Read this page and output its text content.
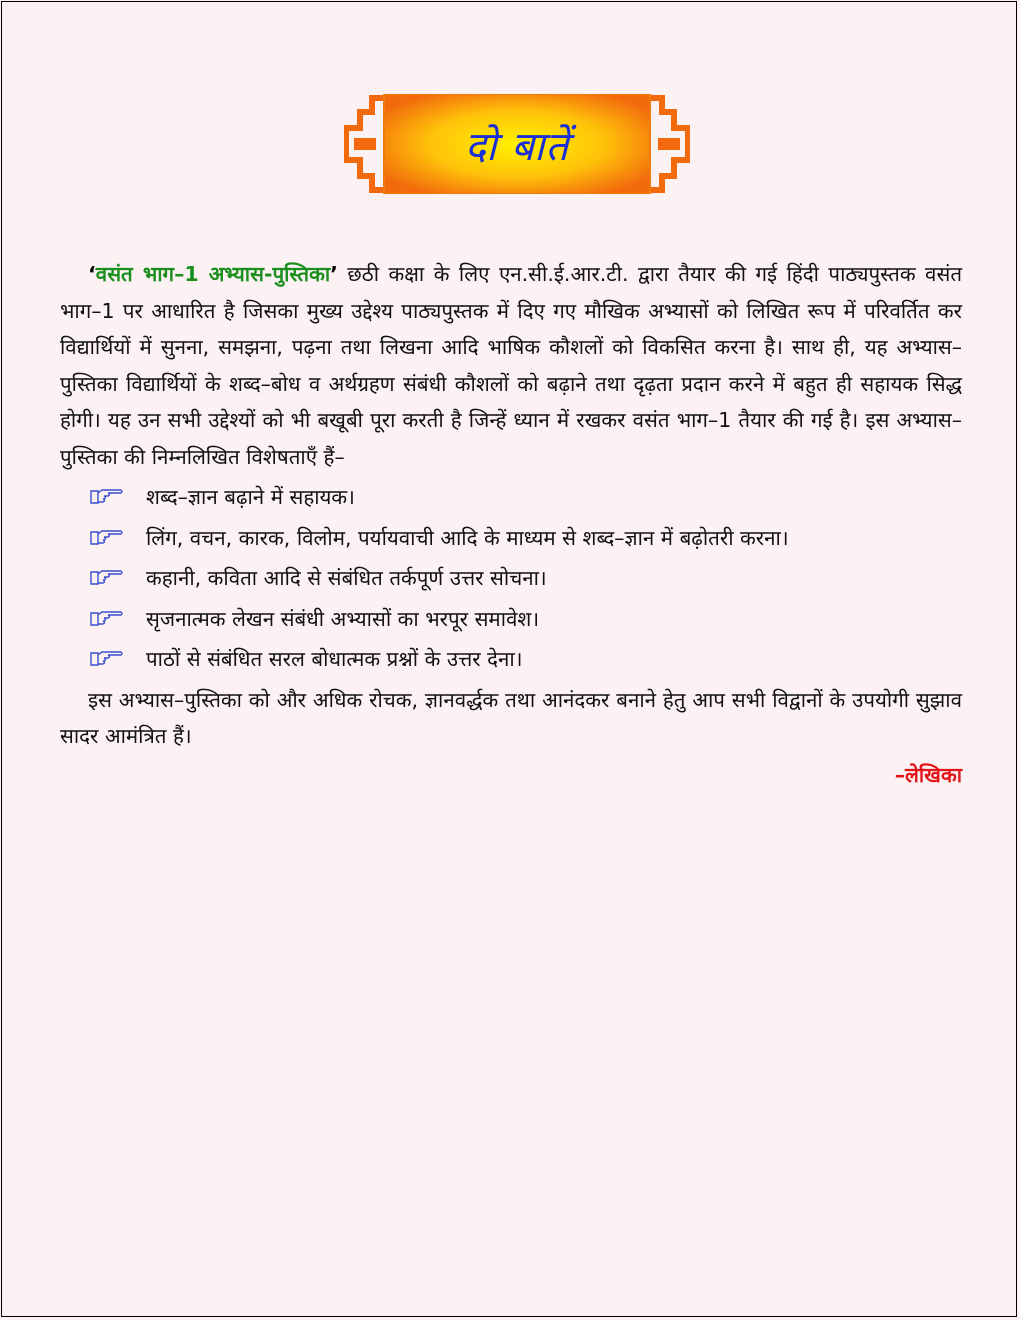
दो बातें

‘वसंत भाग–1 अभ्यास-पुस्तिका’ छठी कक्षा के लिए एन.सी.ई.आर.टी. द्वारा तैयार की गई हिंदी पाठ्यपुस्तक वसंत भाग–1 पर आधारित है जिसका मुख्य उद्देश्य पाठ्यपुस्तक में दिए गए मौखिक अभ्यासों को लिखित रूप में परिवर्तित कर विद्यार्थियों में सुनना, समझना, पढ़ना तथा लिखना आदि भाषिक कौशलों को विकसित करना है। साथ ही, यह अभ्यास–पुस्तिका विद्यार्थियों के शब्द–बोध व अर्थग्रहण संबंधी कौशलों को बढ़ाने तथा दृढ़ता प्रदान करने में बहुत ही सहायक सिद्ध होगी। यह उन सभी उद्देश्यों को भी बखूबी पूरा करती है जिन्हें ध्यान में रखकर वसंत भाग–1 तैयार की गई है। इस अभ्यास–पुस्तिका की निम्नलिखित विशेषताएँ हैं–

शब्द–ज्ञान बढ़ाने में सहायक।
लिंग, वचन, कारक, विलोम, पर्यायवाची आदि के माध्यम से शब्द–ज्ञान में बढ़ोतरी करना।
कहानी, कविता आदि से संबंधित तर्कपूर्ण उत्तर सोचना।
सृजनात्मक लेखन संबंधी अभ्यासों का भरपूर समावेश।
पाठों से संबंधित सरल बोधात्मक प्रश्नों के उत्तर देना।

इस अभ्यास–पुस्तिका को और अधिक रोचक, ज्ञानवर्द्धक तथा आनंदकर बनाने हेतु आप सभी विद्वानों के उपयोगी सुझाव सादर आमंत्रित हैं।

–लेखिका
